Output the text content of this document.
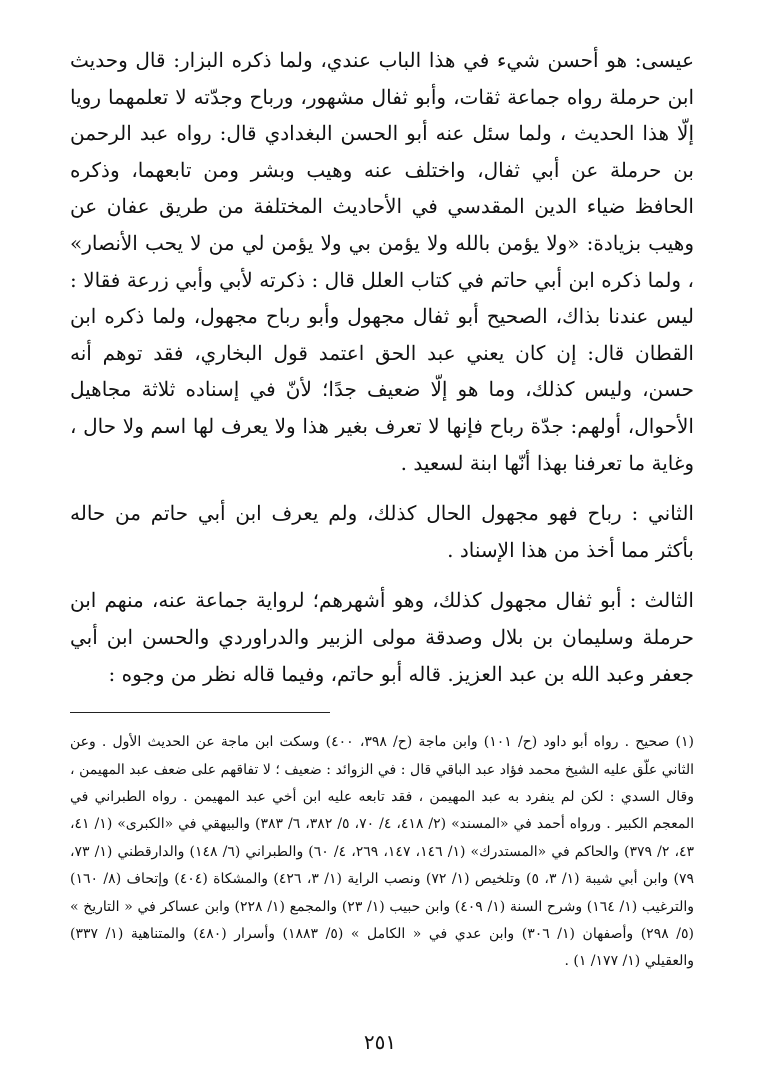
عيسى: هو أحسن شيء في هذا الباب عندي، ولما ذكره البزار: قال وحديث ابن حرملة رواه جماعة ثقات، وأبو ثفال مشهور، ورباح وجدّته لا تعلمهما رويا إلّا هذا الحديث ، ولما سئل عنه أبو الحسن البغدادي قال: رواه عبد الرحمن بن حرملة عن أبي ثفال، واختلف عنه وهيب وبشر ومن تابعهما، وذكره الحافظ ضياء الدين المقدسي في الأحاديث المختلفة من طريق عفان عن وهيب بزيادة: «ولا يؤمن بالله ولا يؤمن بي ولا يؤمن لي من لا يحب الأنصار» ، ولما ذكره ابن أبي حاتم في كتاب العلل قال : ذكرته لأبي وأبي زرعة فقالا : ليس عندنا بذاك، الصحيح أبو ثفال مجهول وأبو رباح مجهول، ولما ذكره ابن القطان قال: إن كان يعني عبد الحق اعتمد قول البخاري، فقد توهم أنه حسن، وليس كذلك، وما هو إلّا ضعيف جدًا؛ لأنّ في إسناده ثلاثة مجاهيل الأحوال، أولهم: جدّة رباح فإنها لا تعرف بغير هذا ولا يعرف لها اسم ولا حال ، وغاية ما تعرفنا بهذا أنّها ابنة لسعيد .

الثاني : رباح فهو مجهول الحال كذلك، ولم يعرف ابن أبي حاتم من حاله بأكثر مما أخذ من هذا الإسناد .

الثالث : أبو ثفال مجهول كذلك، وهو أشهرهم؛ لرواية جماعة عنه، منهم ابن حرملة وسليمان بن بلال وصدقة مولى الزبير والدراوردي والحسن ابن أبي جعفر وعبد الله بن عبد العزيز. قاله أبو حاتم، وفيما قاله نظر من وجوه :

(١) صحيح . رواه أبو داود (ح/ ١٠١) وابن ماجة (ح/ ٣٩٨، ٤٠٠) وسكت ابن ماجة عن الحديث الأول . وعن الثاني علّق عليه الشيخ محمد فؤاد عبد الباقي قال : في الزوائد : ضعيف ؛ لا تفاقهم على ضعف عبد المهيمن ، وقال السدي : لكن لم ينفرد به عبد المهيمن ، فقد تابعه عليه ابن أخي عبد المهيمن . رواه الطبراني في المعجم الكبير . ورواه أحمد في «المسند» (٢/ ٤١٨، ٤/ ٧٠، ٥/ ٣٨٢، ٦/ ٣٨٣) والبيهقي في «الكبرى» (١/ ٤١، ٤٣، ٢/ ٣٧٩) والحاكم في «المستدرك» (١/ ١٤٦، ١٤٧، ٢٦٩، ٤/ ٦٠) والطبراني (٦/ ١٤٨) والدارقطني (١/ ٧٣، ٧٩) وابن أبي شيبة (١/ ٣، ٥) وتلخيص (١/ ٧٢) ونصب الراية (١/ ٣، ٤٢٦) والمشكاة (٤٠٤) وإتحاف (٨/ ١٦٠) والترغيب (١/ ١٦٤) وشرح السنة (١/ ٤٠٩) وابن حبيب (١/ ٢٣) والمجمع (١/ ٢٢٨) وابن عساكر في « التاريخ » (٥/ ٢٩٨) وأصفهان (١/ ٣٠٦) وابن عدي في « الكامل » (٥/ ١٨٨٣) وأسرار (٤٨٠) والمتناهية (١/ ٣٣٧) والعقيلي (١/ ١٧٧/ ١) .

٢٥١
